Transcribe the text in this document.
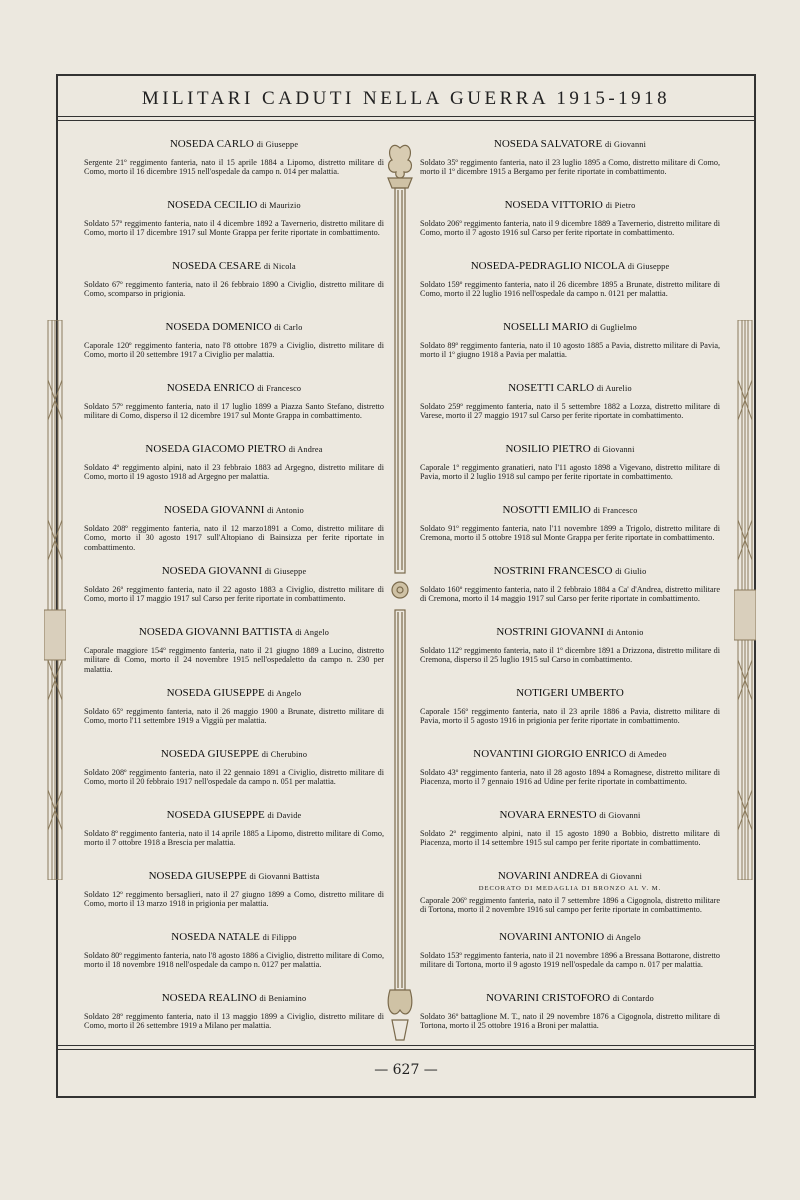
MILITARI CADUTI NELLA GUERRA 1915-1918
— 627 —
NOSEDA CARLO di Giuseppe

Sergente 21º reggimento fanteria, nato il 15 aprile 1884 a Lipomo, distretto militare di Como, morto il 16 dicembre 1915 nell'ospedale da campo n. 014 per malattia.

NOSEDA CECILIO di Maurizio

Soldato 57º reggimento fanteria, nato il 4 dicembre 1892 a Tavernerio, distretto militare di Como, morto il 17 dicembre 1917 sul Monte Grappa per ferite riportate in combattimento.

NOSEDA CESARE di Nicola

Soldato 67º reggimento fanteria, nato il 26 febbraio 1890 a Civiglio, distretto militare di Como, scomparso in prigionia.

NOSEDA DOMENICO di Carlo

Caporale 120º reggimento fanteria, nato l'8 ottobre 1879 a Civiglio, distretto militare di Como, morto il 20 settembre 1917 a Civiglio per malattia.

NOSEDA ENRICO di Francesco

Soldato 57º reggimento fanteria, nato il 17 luglio 1899 a Piazza Santo Stefano, distretto militare di Como, disperso il 12 dicembre 1917 sul Monte Grappa in combattimento.

NOSEDA GIACOMO PIETRO di Andrea

Soldato 4º reggimento alpini, nato il 23 febbraio 1883 ad Argegno, distretto militare di Como, morto il 19 agosto 1918 ad Argegno per malattia.

NOSEDA GIOVANNI di Antonio

Soldato 208º reggimento fanteria, nato il 12 marzo1891 a Como, distretto militare di Como, morto il 30 agosto 1917 sull'Altopiano di Bainsizza per ferite riportate in combattimento.

NOSEDA GIOVANNI di Giuseppe

Soldato 26º reggimento fanteria, nato il 22 agosto 1883 a Civiglio, distretto militare di Como, morto il 17 maggio 1917 sul Carso per ferite riportate in combattimento.

NOSEDA GIOVANNI BATTISTA di Angelo

Caporale maggiore 154º reggimento fanteria, nato il 21 giugno 1889 a Lucino, distretto militare di Como, morto il 24 novembre 1915 nell'ospedaletto da campo n. 230 per malattia.

NOSEDA GIUSEPPE di Angelo

Soldato 65º reggimento fanteria, nato il 26 maggio 1900 a Brunate, distretto militare di Como, morto l'11 settembre 1919 a Viggiù per malattia.

NOSEDA GIUSEPPE di Cherubino

Soldato 208º reggimento fanteria, nato il 22 gennaio 1891 a Civiglio, distretto militare di Como, morto il 20 febbraio 1917 nell'ospedale da campo n. 051 per malattia.

NOSEDA GIUSEPPE di Davide

Soldato 8º reggimento fanteria, nato il 14 aprile 1885 a Lipomo, distretto militare di Como, morto il 7 ottobre 1918 a Brescia per malattia.

NOSEDA GIUSEPPE di Giovanni Battista

Soldato 12º reggimento bersaglieri, nato il 27 giugno 1899 a Como, distretto militare di Como, morto il 13 marzo 1918 in prigionia per malattia.

NOSEDA NATALE di Filippo

Soldato 80º reggimento fanteria, nato l'8 agosto 1886 a Civiglio, distretto militare di Como, morto il 18 novembre 1918 nell'ospedale da campo n. 0127 per malattia.

NOSEDA REALINO di Beniamino

Soldato 28º reggimento fanteria, nato il 13 maggio 1899 a Civiglio, distretto militare di Como, morto il 26 settembre 1919 a Milano per malattia.

NOSEDA SALVATORE di Giovanni

Soldato 35º reggimento fanteria, nato il 23 luglio 1895 a Como, distretto militare di Como, morto il 1º dicembre 1915 a Bergamo per ferite riportate in combattimento.

NOSEDA VITTORIO di Pietro

Soldato 206º reggimento fanteria, nato il 9 dicembre 1889 a Tavernerio, distretto militare di Como, morto il 7 agosto 1916 sul Carso per ferite riportate in combattimento.

NOSEDA-PEDRAGLIO NICOLA di Giuseppe

Soldato 159º reggimento fanteria, nato il 26 dicembre 1895 a Brunate, distretto militare di Como, morto il 22 luglio 1916 nell'ospedale da campo n. 0121 per malattia.

NOSELLI MARIO di Guglielmo

Soldato 89º reggimento fanteria, nato il 10 agosto 1885 a Pavia, distretto militare di Pavia, morto il 1º giugno 1918 a Pavia per malattia.

NOSETTI CARLO di Aurelio

Soldato 259º reggimento fanteria, nato il 5 settembre 1882 a Lozza, distretto militare di Varese, morto il 27 maggio 1917 sul Carso per ferite riportate in combattimento.

NOSILIO PIETRO di Giovanni

Caporale 1º reggimento granatieri, nato l'11 agosto 1898 a Vigevano, distretto militare di Pavia, morto il 2 luglio 1918 sul campo per ferite riportate in combattimento.

NOSOTTI EMILIO di Francesco

Soldato 91º reggimento fanteria, nato l'11 novembre 1899 a Trigolo, distretto militare di Cremona, morto il 5 ottobre 1918 sul Monte Grappa per ferite riportate in combattimento.

NOSTRINI FRANCESCO di Giulio

Soldato 160º reggimento fanteria, nato il 2 febbraio 1884 a Ca' d'Andrea, distretto militare di Cremona, morto il 14 maggio 1917 sul Carso per ferite riportate in combattimento.

NOSTRINI GIOVANNI di Antonio

Soldato 112º reggimento fanteria, nato il 1º dicembre 1891 a Drizzona, distretto militare di Cremona, disperso il 25 luglio 1915 sul Carso in combattimento.

NOTIGERI UMBERTO

Caporale 156º reggimento fanteria, nato il 23 aprile 1886 a Pavia, distretto militare di Pavia, morto il 5 agosto 1916 in prigionia per ferite riportate in combattimento.

NOVANTINI GIORGIO ENRICO di Amedeo

Soldato 43º reggimento fanteria, nato il 28 agosto 1894 a Romagnese, distretto militare di Piacenza, morto il 7 gennaio 1916 ad Udine per ferite riportate in combattimento.

NOVARA ERNESTO di Giovanni

Soldato 2º reggimento alpini, nato il 15 agosto 1890 a Bobbio, distretto militare di Piacenza, morto il 14 settembre 1915 sul campo per ferite riportate in combattimento.

NOVARINI ANDREA di Giovanni
DECORATO DI MEDAGLIA DI BRONZO AL V. M.

Caporale 206º reggimento fanteria, nato il 7 settembre 1896 a Cigognola, distretto militare di Tortona, morto il 2 novembre 1916 sul campo per ferite riportate in combattimento.

NOVARINI ANTONIO di Angelo

Soldato 153º reggimento fanteria, nato il 21 novembre 1896 a Bressana Bottarone, distretto militare di Tortona, morto il 9 agosto 1919 nell'ospedale da campo n. 017 per malattia.

NOVARINI CRISTOFORO di Contardo

Soldato 36º battaglione M. T., nato il 29 novembre 1876 a Cigognola, distretto militare di Tortona, morto il 25 ottobre 1916 a Broni per malattia.
